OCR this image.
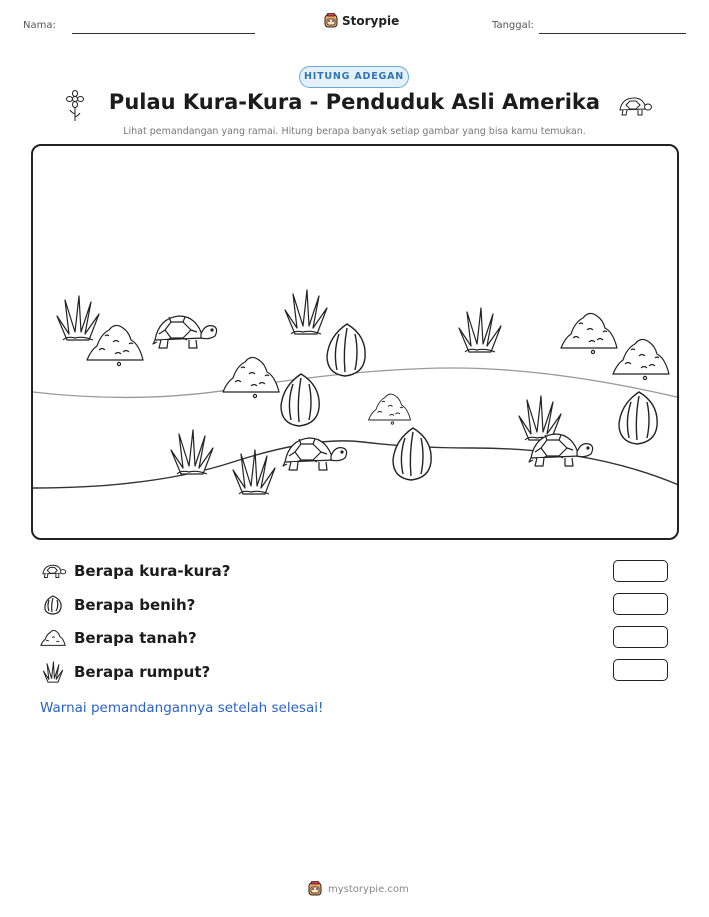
Nama:	Storypie	Tanggal:
HITUNG ADEGAN
Pulau Kura-Kura - Penduduk Asli Amerika
Lihat pemandangan yang ramai. Hitung berapa banyak setiap gambar yang bisa kamu temukan.
Berapa kura-kura?
Berapa benih?
Berapa tanah?
Berapa rumput?
Warnai pemandangannya setelah selesai!
mystorypie.com
